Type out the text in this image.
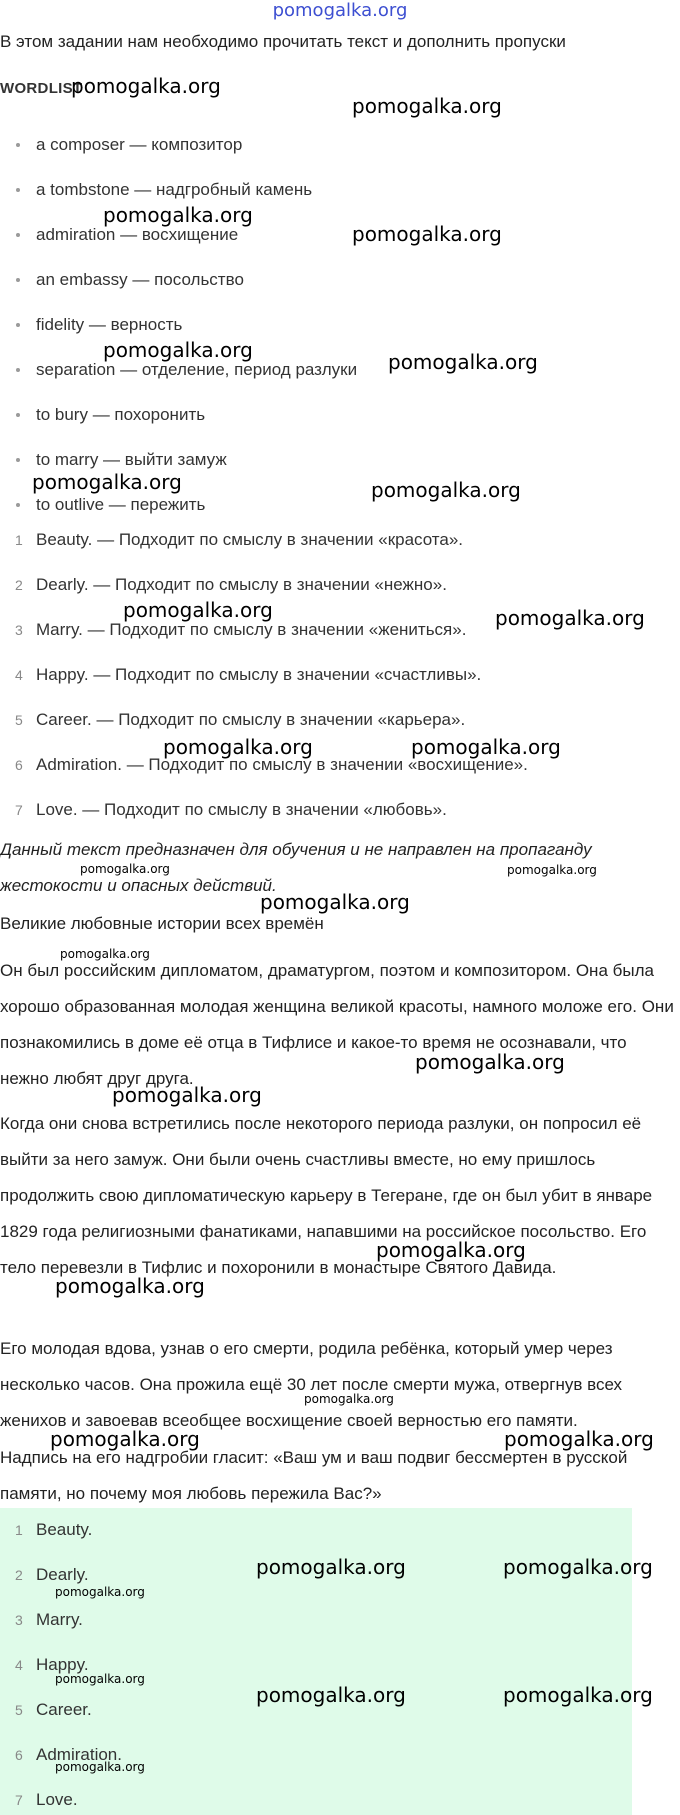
pomogalka.org
В этом задании нам необходимо прочитать текст и дополнить пропуски
WORDLIST
a composer — композитор
a tombstone — надгробный камень
admiration — восхищение
an embassy — посольство
fidelity — верность
separation — отделение, период разлуки
to bury — похоронить
to marry — выйти замуж
to outlive — пережить
1 Beauty. — Подходит по смыслу в значении «красота».
2 Dearly. — Подходит по смыслу в значении «нежно».
3 Marry. — Подходит по смыслу в значении «жениться».
4 Happy. — Подходит по смыслу в значении «счастливы».
5 Career. — Подходит по смыслу в значении «карьера».
6 Admiration. — Подходит по смыслу в значении «восхищение».
7 Love. — Подходит по смыслу в значении «любовь».
Данный текст предназначен для обучения и не направлен на пропаганду жестокости и опасных действий.
Великие любовные истории всех времён
Он был российским дипломатом, драматургом, поэтом и композитором. Она была хорошо образованная молодая женщина великой красоты, намного моложе его. Они познакомились в доме её отца в Тифлисе и какое-то время не осознавали, что нежно любят друг друга.
Когда они снова встретились после некоторого периода разлуки, он попросил её выйти за него замуж. Они были очень счастливы вместе, но ему пришлось продолжить свою дипломатическую карьеру в Тегеране, где он был убит в январе 1829 года религиозными фанатиками, напавшими на российское посольство. Его тело перевезли в Тифлис и похоронили в монастыре Святого Давида.
Его молодая вдова, узнав о его смерти, родила ребёнка, который умер через несколько часов. Она прожила ещё 30 лет после смерти мужа, отвергнув всех женихов и завоевав всеобщее восхищение своей верностью его памяти.
Надпись на его надгробии гласит: «Ваш ум и ваш подвиг бессмертен в русской памяти, но почему моя любовь пережила Вас?»
1 Beauty.
2 Dearly.
3 Marry.
4 Happy.
5 Career.
6 Admiration.
7 Love.
pomogalka.org
pomogalka.org
pomogalka.org
pomogalka.org
pomogalka.org	pomogalka.org
pomogalka.org	pomogalka.org
pomogalka.org	pomogalka.org
pomogalka.org	pomogalka.org
pomogalka.org	pomogalka.org
pomogalka.org
pomogalka.org
pomogalka.org
pomogalka.org
pomogalka.org
pomogalka.org
pomogalka.org
pomogalka.org	pomogalka.org
pomogalka.org	pomogalka.org
pomogalka.org
pomogalka.org
pomogalka.org	pomogalka.org
pomogalka.org
